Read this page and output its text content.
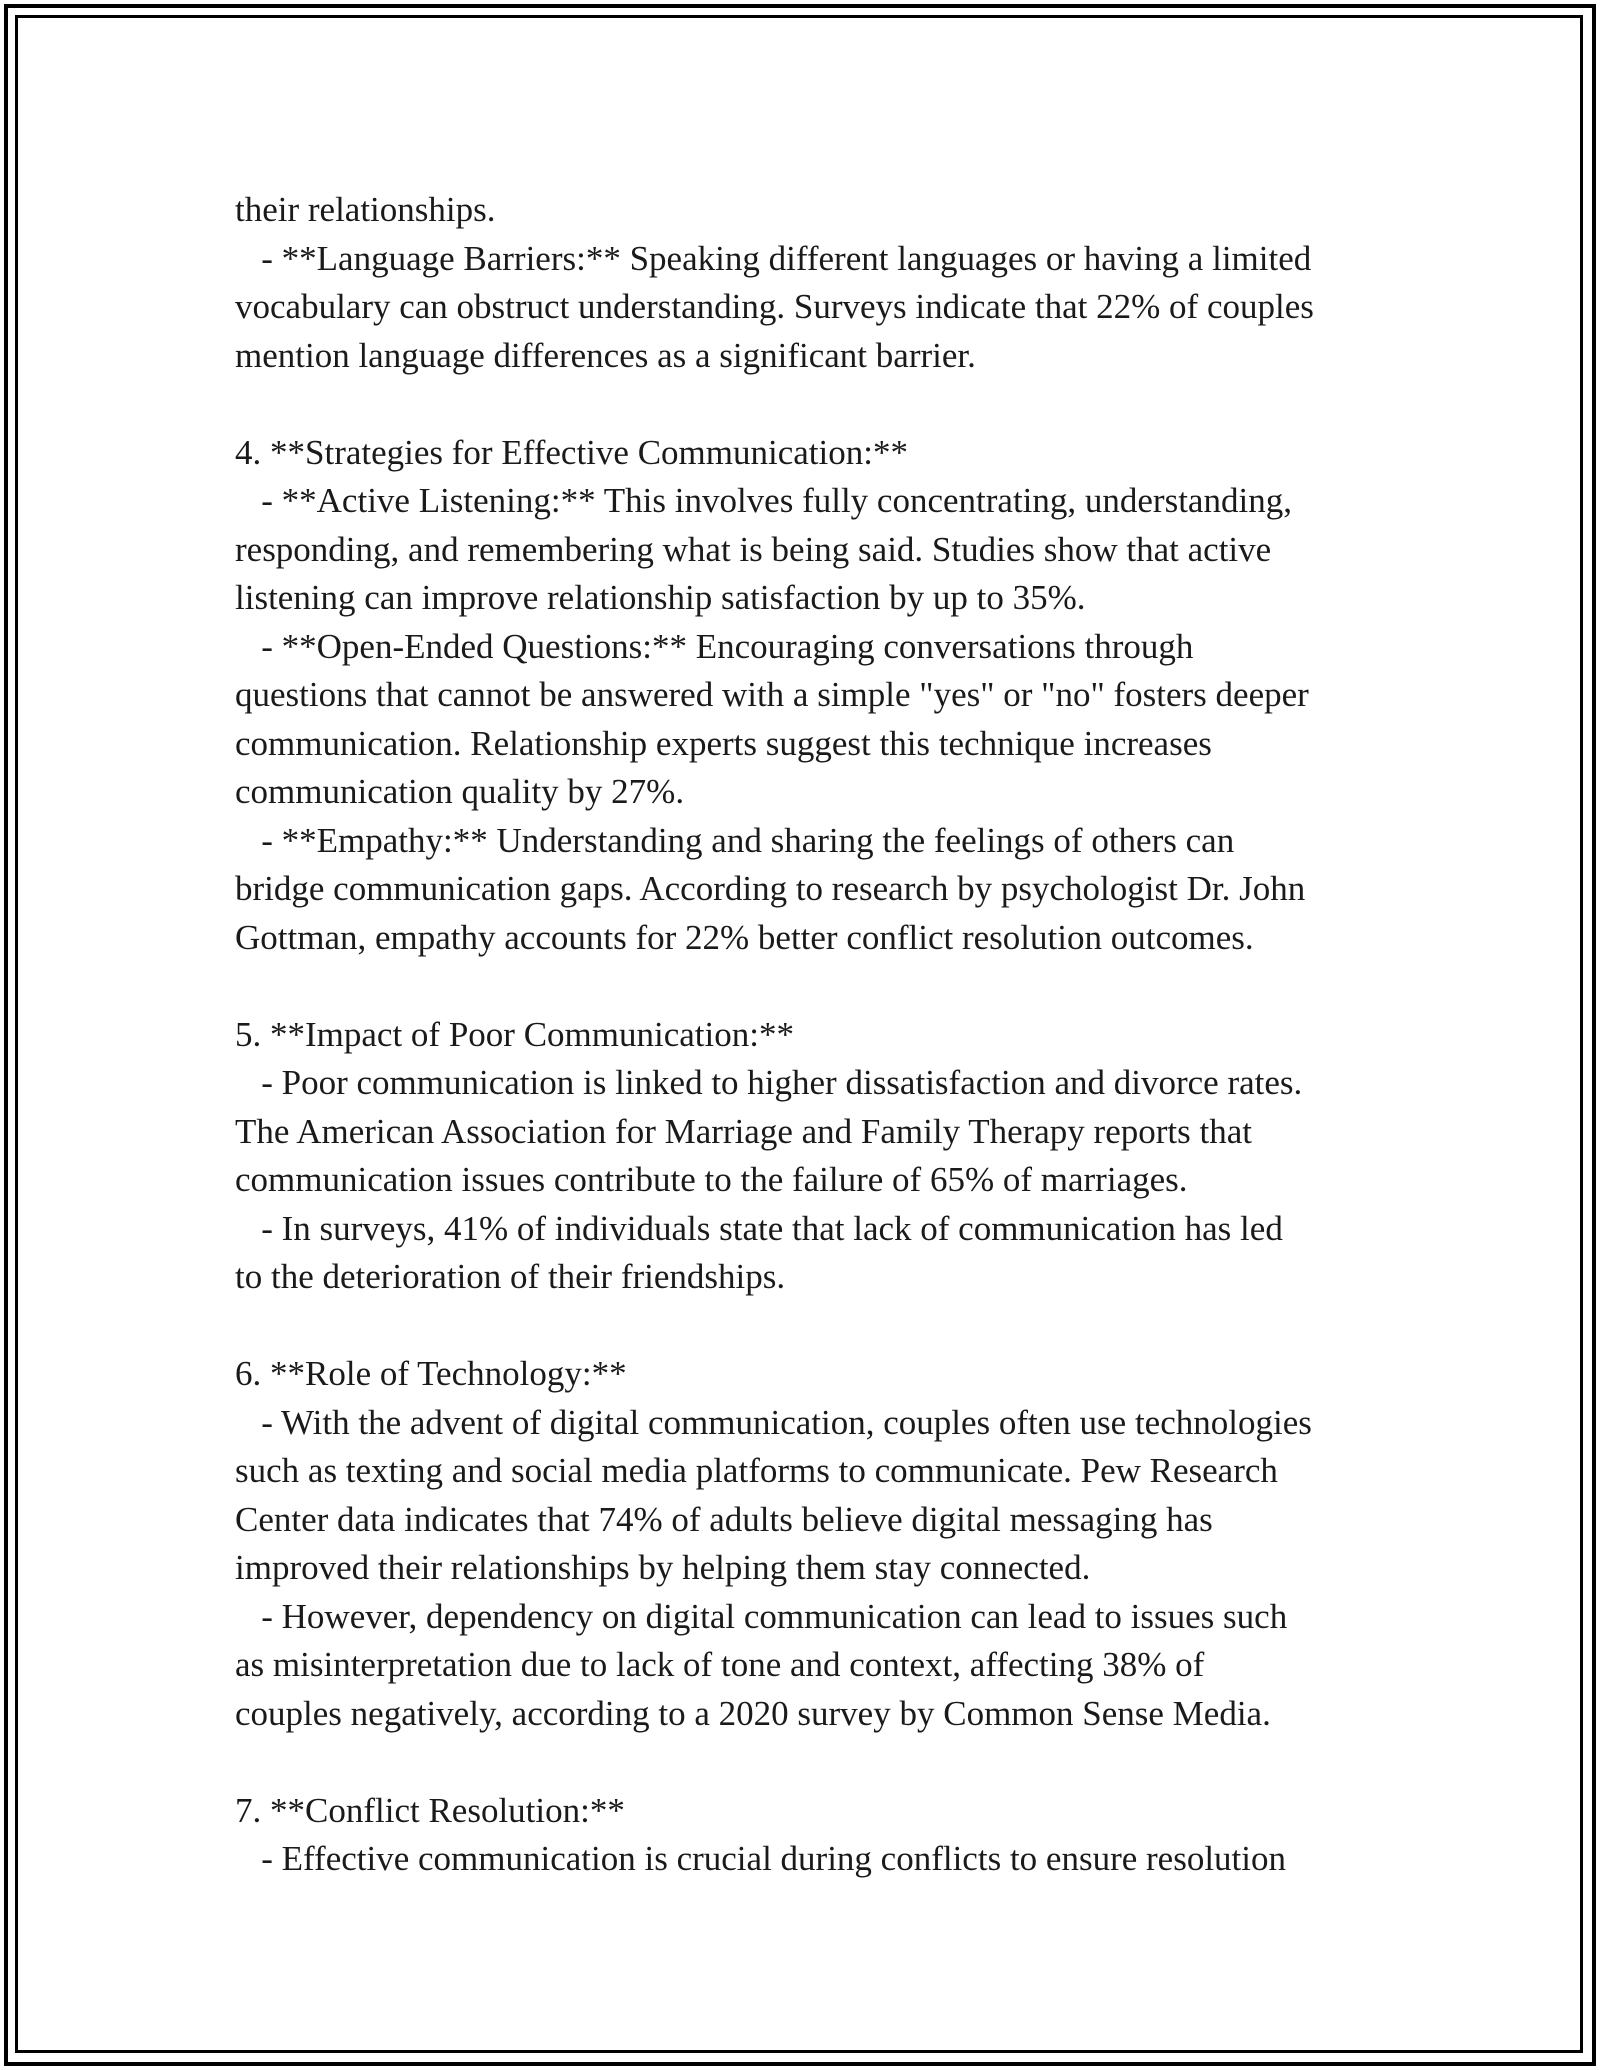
their relationships.
- **Language Barriers:** Speaking different languages or having a limited
vocabulary can obstruct understanding. Surveys indicate that 22% of couples
mention language differences as a significant barrier.
4. **Strategies for Effective Communication:**
- **Active Listening:** This involves fully concentrating, understanding,
responding, and remembering what is being said. Studies show that active
listening can improve relationship satisfaction by up to 35%.
- **Open-Ended Questions:** Encouraging conversations through
questions that cannot be answered with a simple "yes" or "no" fosters deeper
communication. Relationship experts suggest this technique increases
communication quality by 27%.
- **Empathy:** Understanding and sharing the feelings of others can
bridge communication gaps. According to research by psychologist Dr. John
Gottman, empathy accounts for 22% better conflict resolution outcomes.
5. **Impact of Poor Communication:**
- Poor communication is linked to higher dissatisfaction and divorce rates.
The American Association for Marriage and Family Therapy reports that
communication issues contribute to the failure of 65% of marriages.
- In surveys, 41% of individuals state that lack of communication has led
to the deterioration of their friendships.
6. **Role of Technology:**
- With the advent of digital communication, couples often use technologies
such as texting and social media platforms to communicate. Pew Research
Center data indicates that 74% of adults believe digital messaging has
improved their relationships by helping them stay connected.
- However, dependency on digital communication can lead to issues such
as misinterpretation due to lack of tone and context, affecting 38% of
couples negatively, according to a 2020 survey by Common Sense Media.
7. **Conflict Resolution:**
- Effective communication is crucial during conflicts to ensure resolution
